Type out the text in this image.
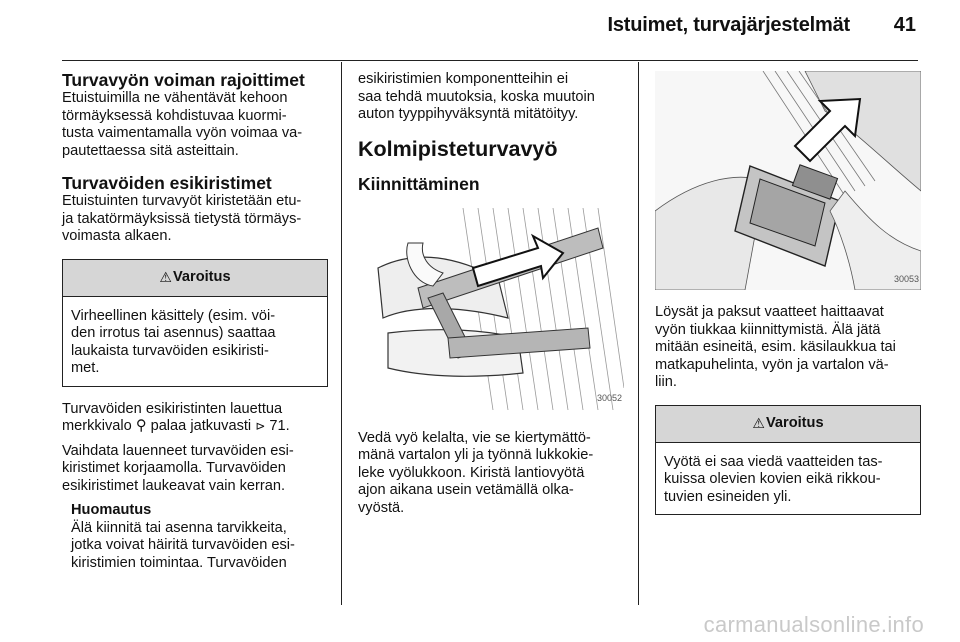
Istuimet, turvajärjestelmät 41
Turvavyön voiman rajoittimet

Etuistuimilla ne vähentävät kehoon
törmäyksessä kohdistuvaa kuormi-
tusta vaimentamalla vyön voimaa va-
pautettaessa sitä asteittain.

Turvavöiden esikiristimet

Etuistuinten turvavyöt kiristetään etu-
ja takatörmäyksissä tietystä törmäys-
voimasta alkaen.

⚠ Varoitus
Virheellinen käsittely (esim. vöi-
den irrotus tai asennus) saattaa
laukaista turvavöiden esikiristi-
met.

Turvavöiden esikiristinten lauettua
merkkivalo ⚲ palaa jatkuvasti ⊳ 71.

Vaihdata lauenneet turvavöiden esi-
kiristimet korjaamolla. Turvavöiden
esikiristimet laukeavat vain kerran.

Huomautus
Älä kiinnitä tai asenna tarvikkeita,
jotka voivat häiritä turvavöiden esi-
kiristimien toimintaa. Turvavöiden

esikiristimien komponentteihin ei
saa tehdä muutoksia, koska muutoin
auton tyyppihyväksyntä mitätöityy.

Kolmipisteturvavyö
Kiinnittäminen
30052

Vedä vyö kelalta, vie se kiertymättö-
mänä vartalon yli ja työnnä lukkokie-
leke vyölukkoon. Kiristä lantiovyötä
ajon aikana usein vetämällä olka-
vyöstä.

30053

Löysät ja paksut vaatteet haittaavat
vyön tiukkaa kiinnittymistä. Älä jätä
mitään esineitä, esim. käsilaukkua tai
matkapuhelinta, vyön ja vartalon vä-
liin.

⚠ Varoitus
Vyötä ei saa viedä vaatteiden tas-
kuissa olevien kovien eikä rikkou-
tuvien esineiden yli.
carmanualsonline.info
